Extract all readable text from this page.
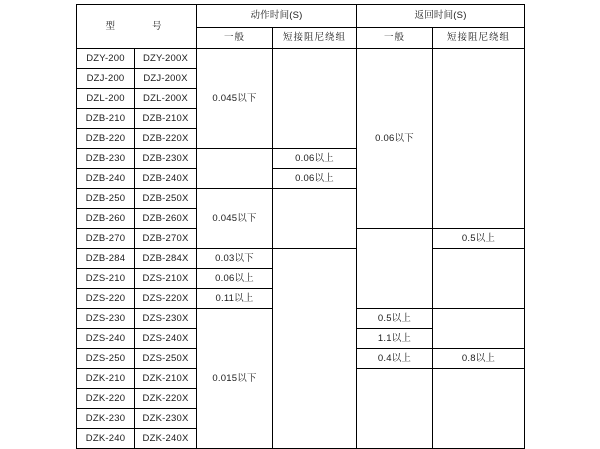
型　　号		动作时间(S)		返回时间(S)	
		一般	短接阻尼绕组	一般	短接阻尼绕组
DZY-200	DZY-200X	0.045以下		0.06以下	
DZJ-200	DZJ-200X				
DZL-200	DZL-200X				
DZB-210	DZB-210X				
DZB-220	DZB-220X				
DZB-230	DZB-230X		0.06以上		
DZB-240	DZB-240X		0.06以上		
DZB-250	DZB-250X	0.045以下			
DZB-260	DZB-260X				
DZB-270	DZB-270X				0.5以上
DZB-284	DZB-284X	0.03以下			
DZS-210	DZS-210X	0.06以上			
DZS-220	DZS-220X	0.11以上			
DZS-230	DZS-230X	0.015以下		0.5以上	
DZS-240	DZS-240X			1.1以上	
DZS-250	DZS-250X			0.4以上	0.8以上
DZK-210	DZK-210X				
DZK-220	DZK-220X				
DZK-230	DZK-230X				
DZK-240	DZK-240X				
